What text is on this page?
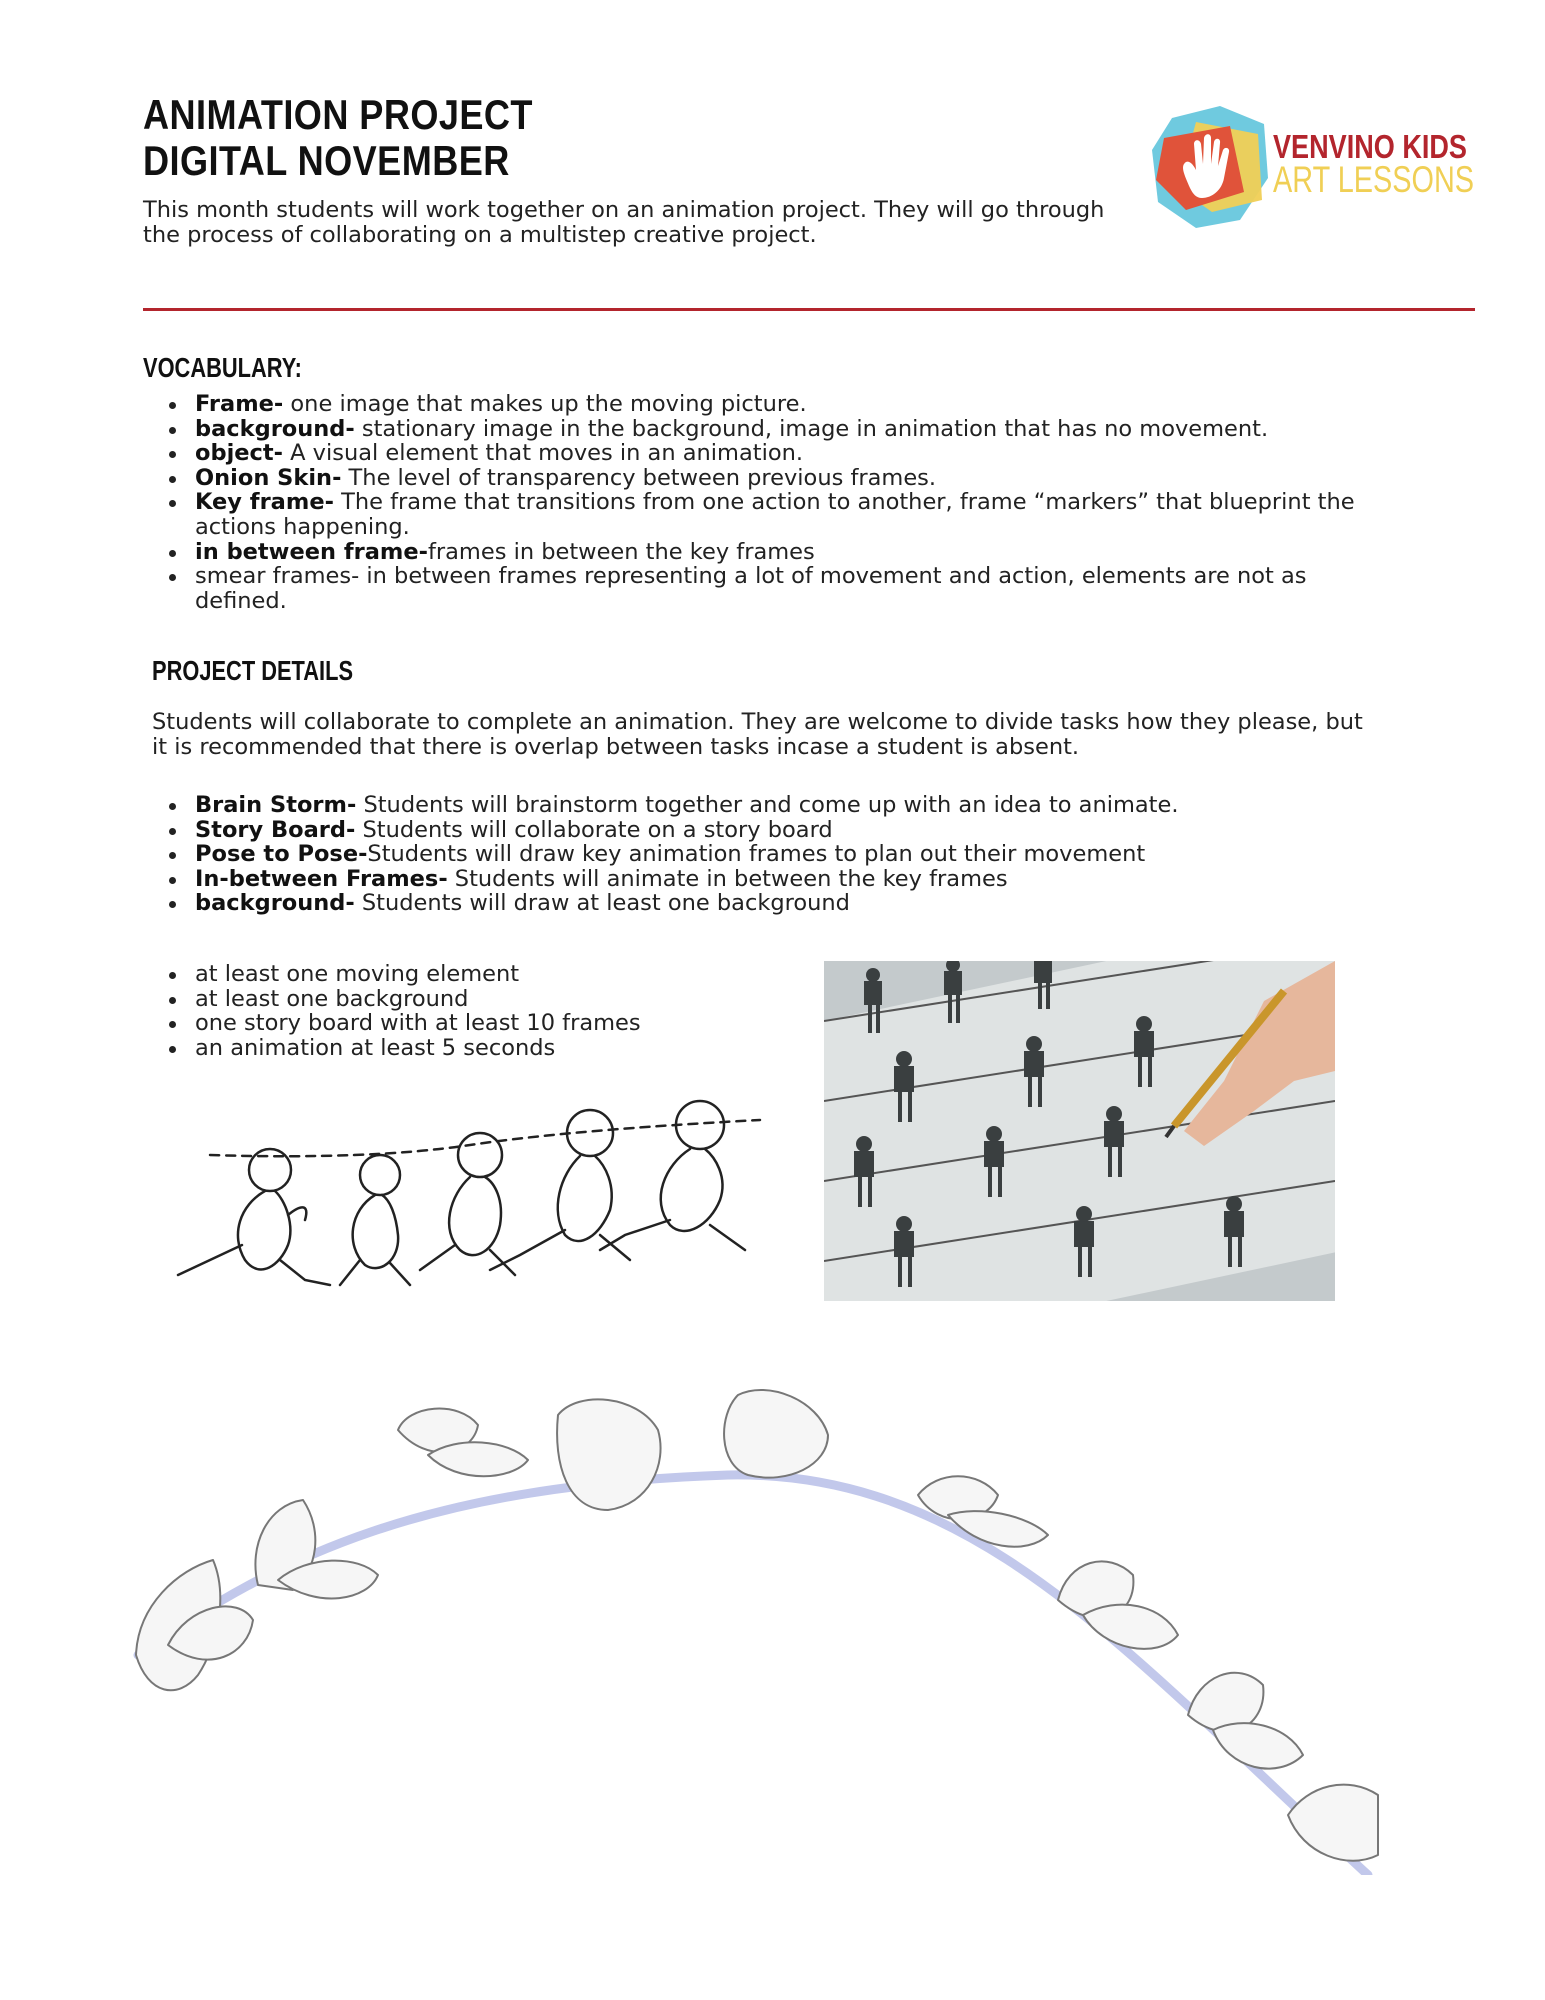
ANIMATION PROJECT
DIGITAL NOVEMBER

This month students will work together on an animation project. They will go through the process of collaborating on a multistep creative project.

VENVINO KIDS
ART LESSONS
VOCABULARY:
Frame- one image that makes up the moving picture.
background- stationary image in the background, image in animation that has no movement.
object- A visual element that moves in an animation.
Onion Skin- The level of transparency between previous frames.
Key frame- The frame that transitions from one action to another, frame “markers” that blueprint the actions happening.
in between frame-frames in between the key frames
smear frames- in between frames representing a lot of movement and action, elements are not as defined.
PROJECT DETAILS

Students will collaborate to complete an animation. They are welcome to divide tasks how they please, but it is recommended that there is overlap between tasks incase a student is absent.

Brain Storm- Students will brainstorm together and come up with an idea to animate.
Story Board- Students will collaborate on a story board
Pose to Pose-Students will draw key animation frames to plan out their movement
In-between Frames- Students will animate in between the key frames
background- Students will draw at least one background
at least one moving element
at least one background
one story board with at least 10 frames
an animation at least 5 seconds
